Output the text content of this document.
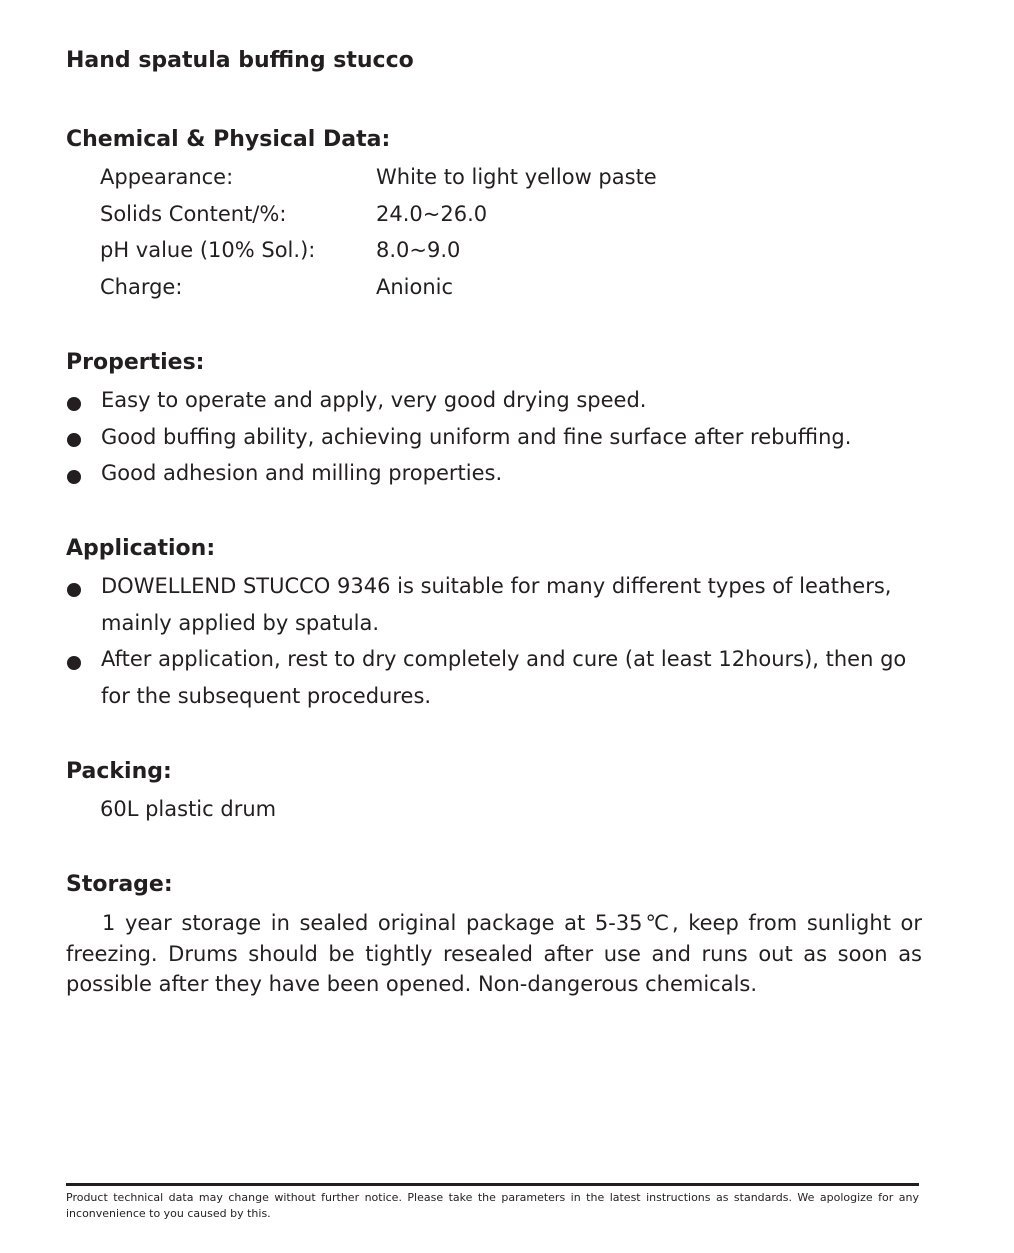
Hand spatula buffing stucco
Chemical & Physical Data:
Appearance:	White to light yellow paste
Solids Content/%:	24.0~26.0
pH value (10% Sol.):	8.0~9.0
Charge:	Anionic
Properties:
Easy to operate and apply, very good drying speed.
Good buffing ability, achieving uniform and fine surface after rebuffing.
Good adhesion and milling properties.
Application:
DOWELLEND STUCCO 9346 is suitable for many different types of leathers,
mainly applied by spatula.
After application, rest to dry completely and cure (at least 12hours), then go
for the subsequent procedures.
Packing:
60L plastic drum
Storage:
1 year storage in sealed original package at 5-35℃, keep from sunlight or freezing. Drums should be tightly resealed after use and runs out as soon as possible after they have been opened. Non-dangerous chemicals.
Product technical data may change without further notice. Please take the parameters in the latest instructions as standards. We apologize for any inconvenience to you caused by this.
